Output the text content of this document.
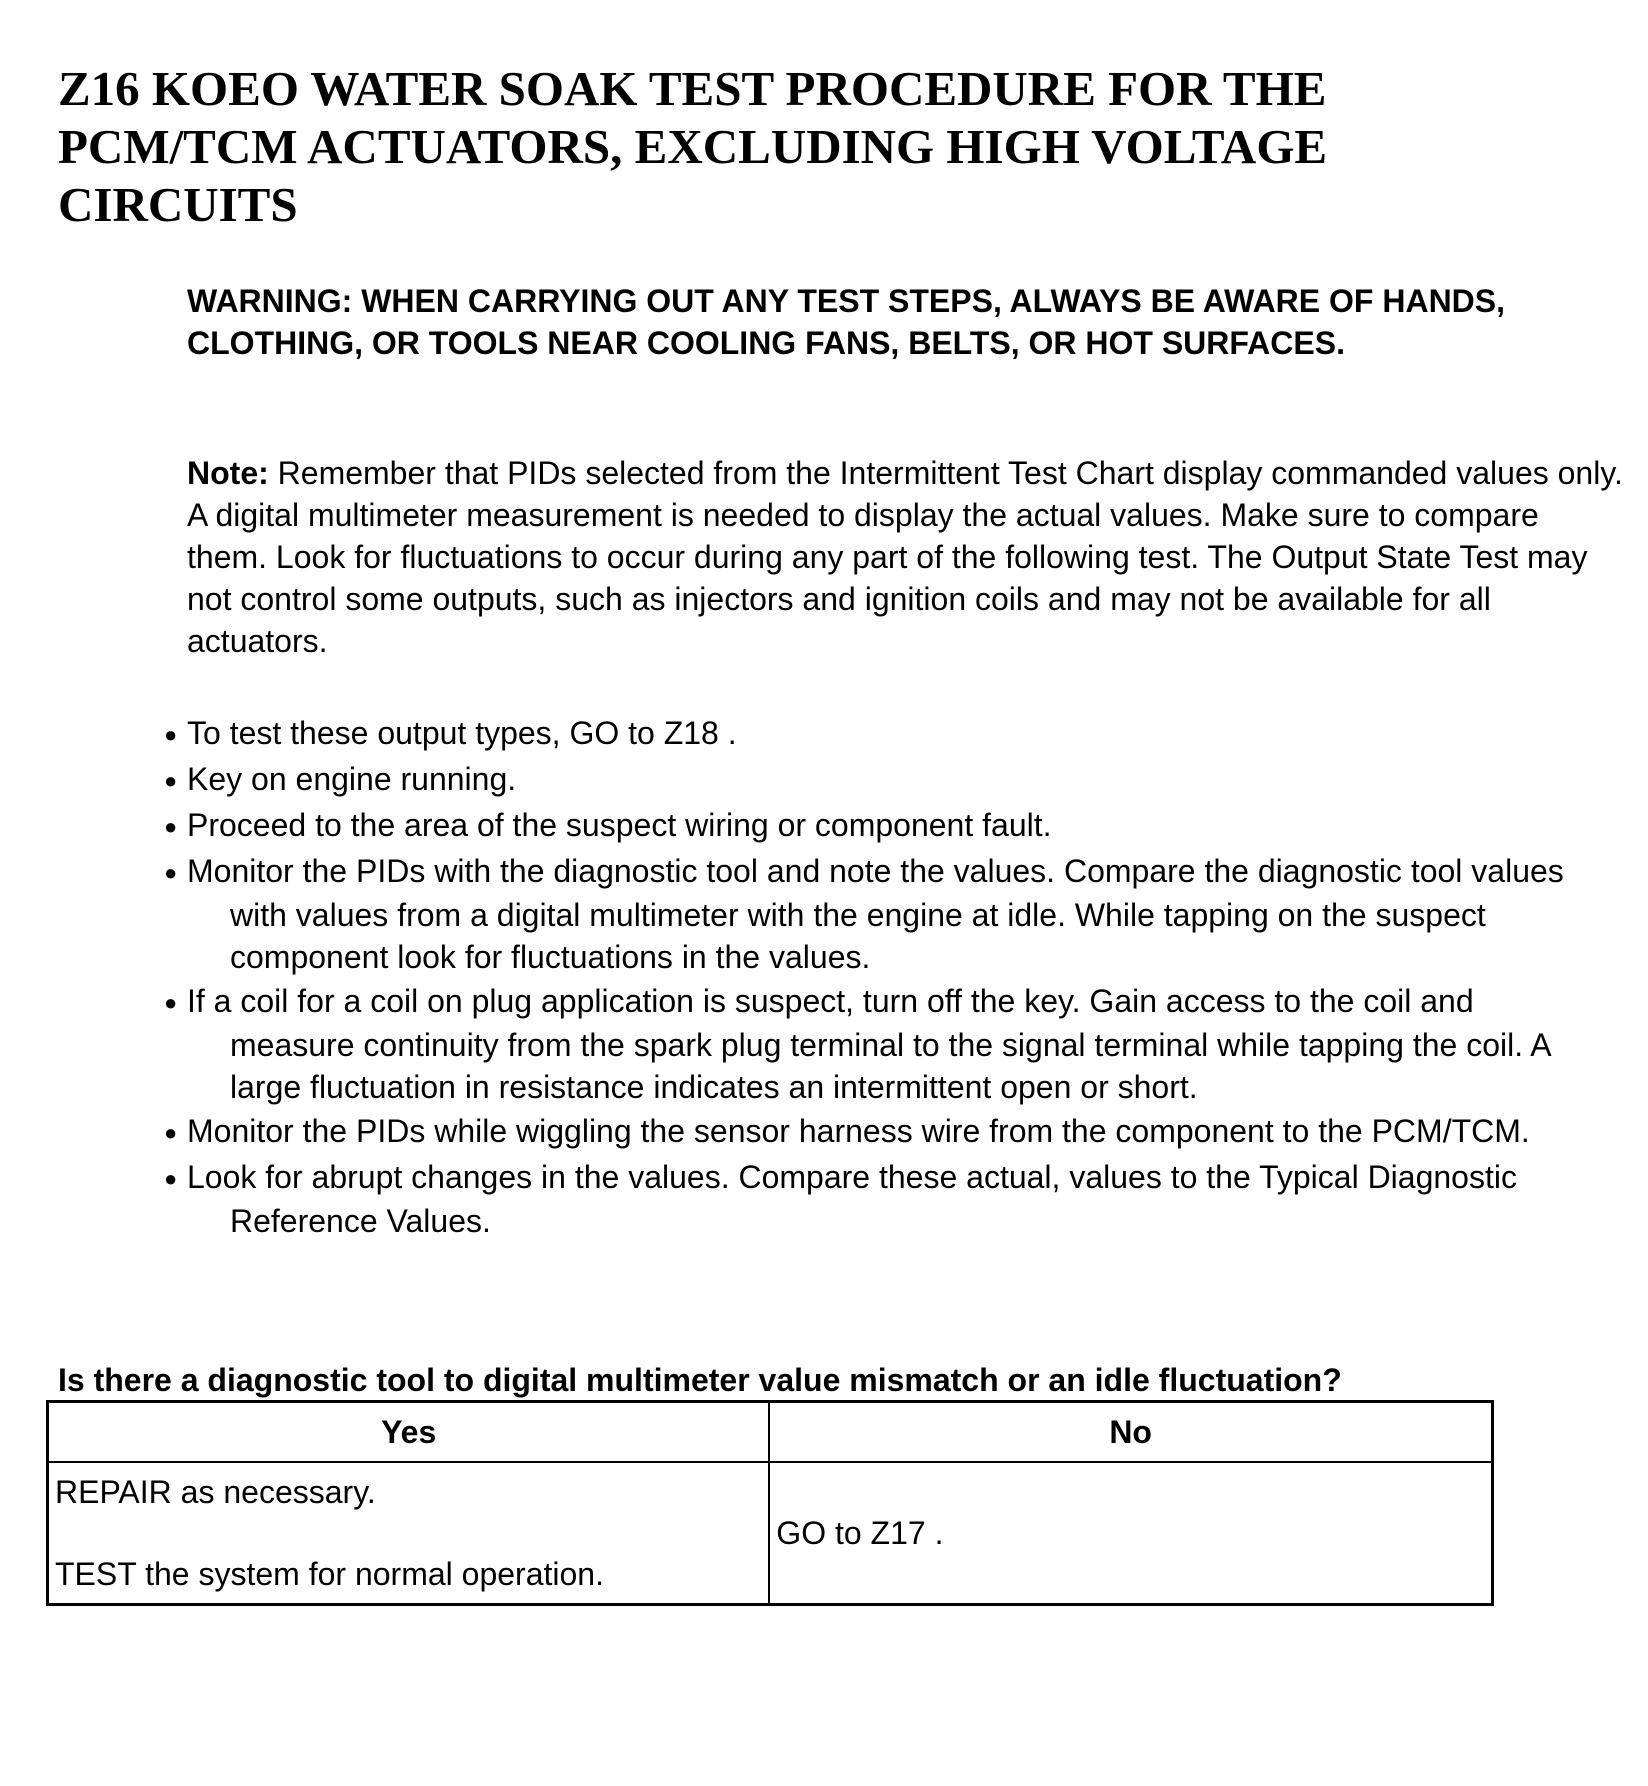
Z16 KOEO WATER SOAK TEST PROCEDURE FOR THE PCM/TCM ACTUATORS, EXCLUDING HIGH VOLTAGE CIRCUITS

WARNING: WHEN CARRYING OUT ANY TEST STEPS, ALWAYS BE AWARE OF HANDS, CLOTHING, OR TOOLS NEAR COOLING FANS, BELTS, OR HOT SURFACES.

Note: Remember that PIDs selected from the Intermittent Test Chart display commanded values only. A digital multimeter measurement is needed to display the actual values. Make sure to compare them. Look for fluctuations to occur during any part of the following test. The Output State Test may not control some outputs, such as injectors and ignition coils and may not be available for all actuators.

● To test these output types, GO to Z18 .
● Key on engine running.
● Proceed to the area of the suspect wiring or component fault.
● Monitor the PIDs with the diagnostic tool and note the values. Compare the diagnostic tool values with values from a digital multimeter with the engine at idle. While tapping on the suspect component look for fluctuations in the values.
● If a coil for a coil on plug application is suspect, turn off the key. Gain access to the coil and measure continuity from the spark plug terminal to the signal terminal while tapping the coil. A large fluctuation in resistance indicates an intermittent open or short.
● Monitor the PIDs while wiggling the sensor harness wire from the component to the PCM/TCM.
● Look for abrupt changes in the values. Compare these actual, values to the Typical Diagnostic Reference Values.

Is there a diagnostic tool to digital multimeter value mismatch or an idle fluctuation?

Yes	No

REPAIR as necessary.
TEST the system for normal operation.	GO to Z17 .
